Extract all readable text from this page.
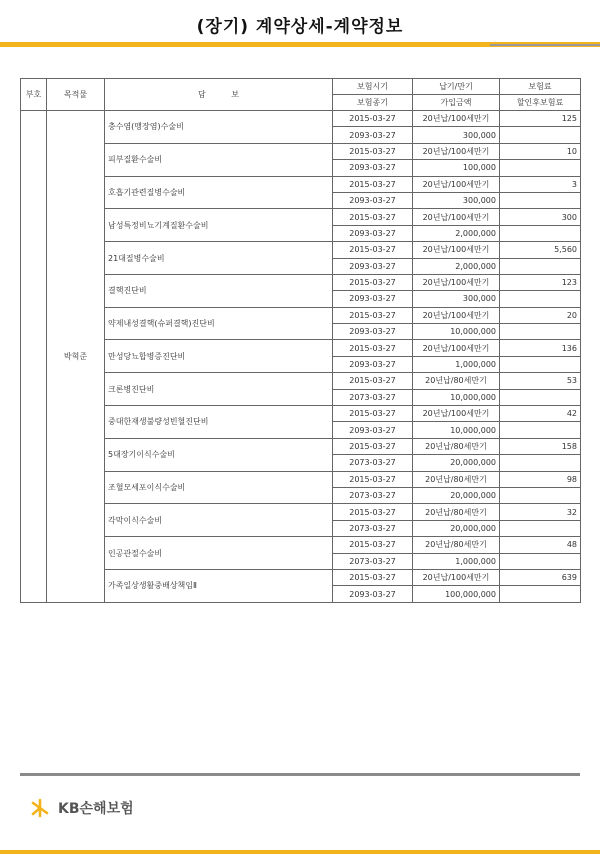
(장기) 계약상세-계약정보
부호	목적물	담          보	보험시기	납기/만기	보험료
			보험종기	가입금액	할인후보험료
	박혁준	충수염(맹장염)수술비	2015-03-27	20년납/100세만기	125
			2093-03-27	300,000	
		피부질환수술비	2015-03-27	20년납/100세만기	10
			2093-03-27	100,000	
		호흡기관련질병수술비	2015-03-27	20년납/100세만기	3
			2093-03-27	300,000	
		남성특정비뇨기계질환수술비	2015-03-27	20년납/100세만기	300
			2093-03-27	2,000,000	
		21대질병수술비	2015-03-27	20년납/100세만기	5,560
			2093-03-27	2,000,000	
		결핵진단비	2015-03-27	20년납/100세만기	123
			2093-03-27	300,000	
		약제내성결핵(슈퍼결핵)진단비	2015-03-27	20년납/100세만기	20
			2093-03-27	10,000,000	
		만성당뇨합병증진단비	2015-03-27	20년납/100세만기	136
			2093-03-27	1,000,000	
		크론병진단비	2015-03-27	20년납/80세만기	53
			2073-03-27	10,000,000	
		중대한재생불량성빈혈진단비	2015-03-27	20년납/100세만기	42
			2093-03-27	10,000,000	
		5대장기이식수술비	2015-03-27	20년납/80세만기	158
			2073-03-27	20,000,000	
		조혈모세포이식수술비	2015-03-27	20년납/80세만기	98
			2073-03-27	20,000,000	
		각막이식수술비	2015-03-27	20년납/80세만기	32
			2073-03-27	20,000,000	
		인공관절수술비	2015-03-27	20년납/80세만기	48
			2073-03-27	1,000,000	
		가족일상생활중배상책임Ⅱ	2015-03-27	20년납/100세만기	639
			2093-03-27	100,000,000	
KB손해보험
